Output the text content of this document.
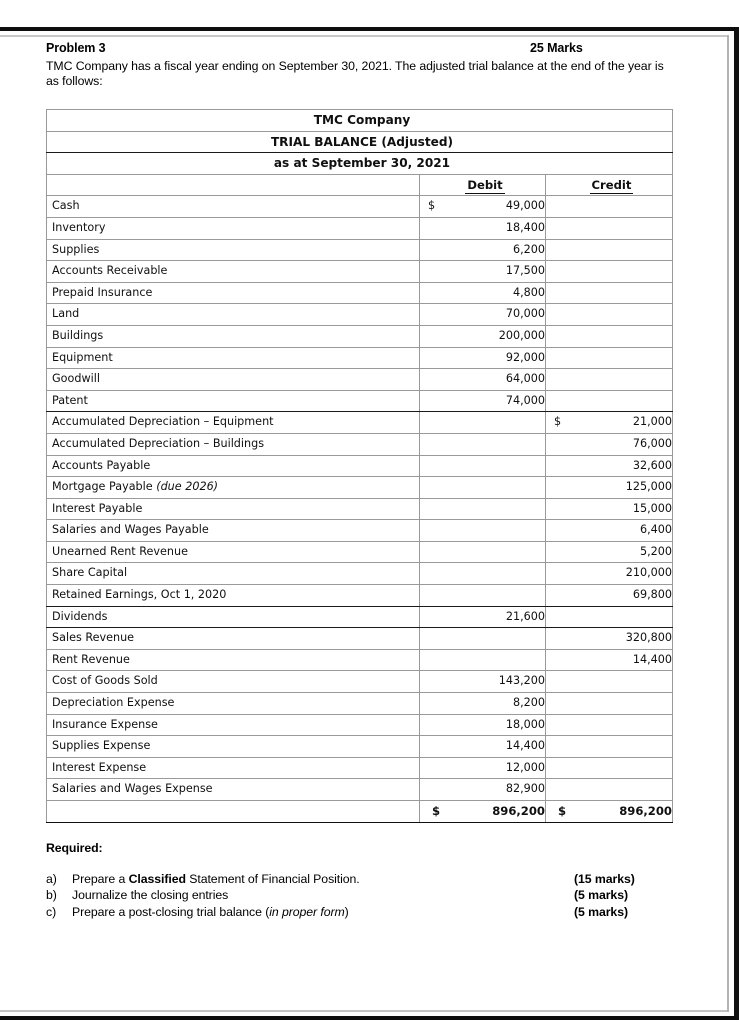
Problem 3	25 Marks
TMC Company has a fiscal year ending on September 30, 2021. The adjusted trial balance at the end of the year is as follows:
TMC Company		
TRIAL BALANCE (Adjusted)		
as at September 30, 2021		
	Debit	Credit
Cash	$ 49,000	
Inventory	18,400	
Supplies	6,200	
Accounts Receivable	17,500	
Prepaid Insurance	4,800	
Land	70,000	
Buildings	200,000	
Equipment	92,000	
Goodwill	64,000	
Patent	74,000	
Accumulated Depreciation – Equipment		$ 21,000
Accumulated Depreciation – Buildings		76,000
Accounts Payable		32,600
Mortgage Payable (due 2026)		125,000
Interest Payable		15,000
Salaries and Wages Payable		6,400
Unearned Rent Revenue		5,200
Share Capital		210,000
Retained Earnings, Oct 1, 2020		69,800
Dividends	21,600	
Sales Revenue		320,800
Rent Revenue		14,400
Cost of Goods Sold	143,200	
Depreciation Expense	8,200	
Insurance Expense	18,000	
Supplies Expense	14,400	
Interest Expense	12,000	
Salaries and Wages Expense	82,900	

	$ 896,200	$ 896,200
Required:
a)	Prepare a Classified Statement of Financial Position.	(15 marks)
b)	Journalize the closing entries	(5 marks)
c)	Prepare a post-closing trial balance (in proper form)	(5 marks)
